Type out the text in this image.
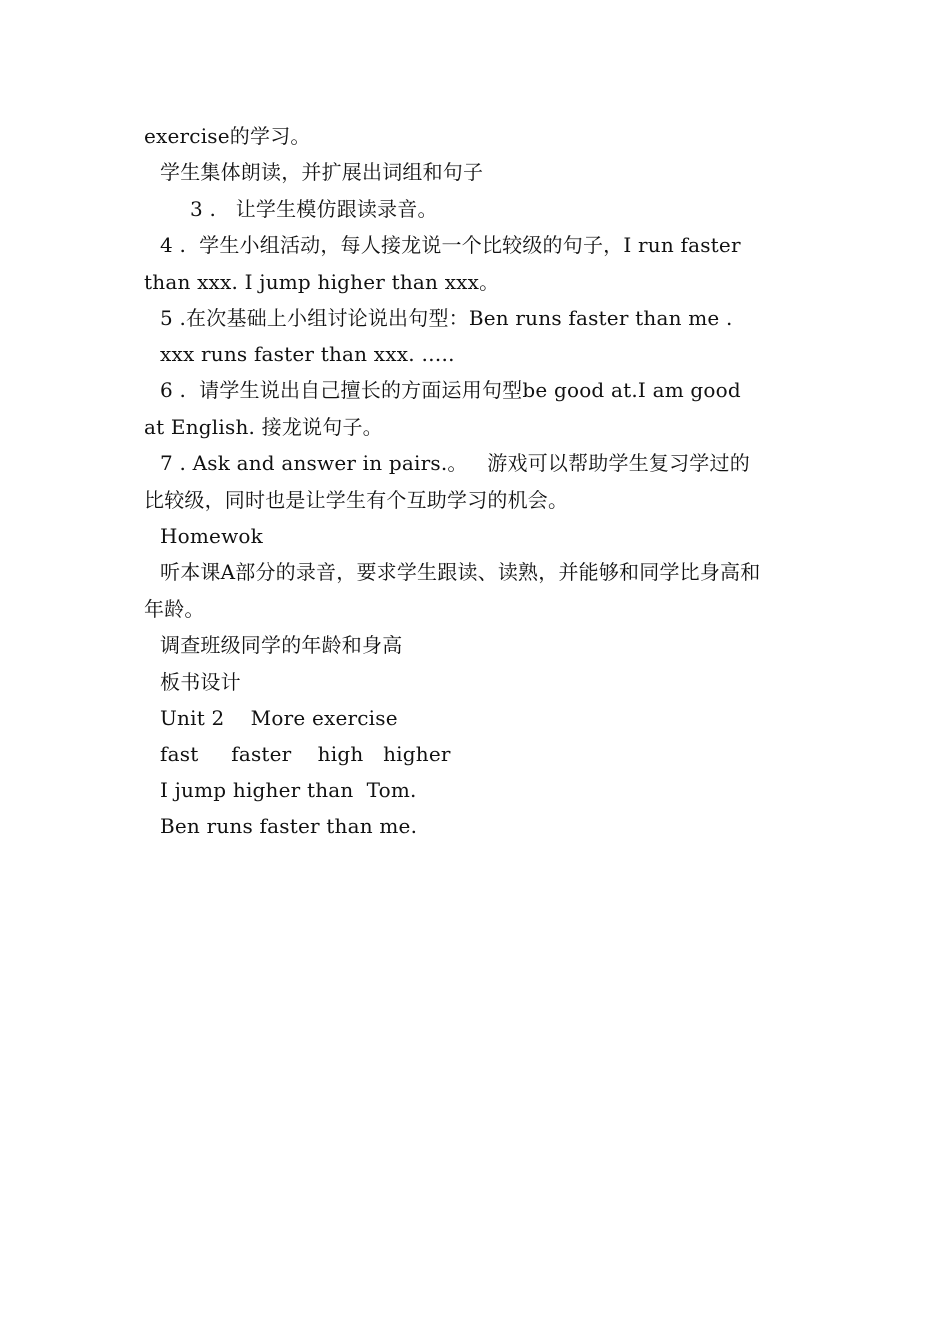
exercise的学习。
学生集体朗读，并扩展出词组和句子
3 .   让学生模仿跟读录音。
4 .  学生小组活动，每人接龙说一个比较级的句子，I run faster
than xxx. I jump higher than xxx。
5 .在次基础上小组讨论说出句型：Ben runs faster than me .
xxx runs faster than xxx. …..
6 .  请学生说出自己擅长的方面运用句型be good at.I am good
at English. 接龙说句子。
7 . Ask and answer in pairs.。   游戏可以帮助学生复习学过的
比较级，同时也是让学生有个互助学习的机会。
Homewok
听本课A部分的录音，要求学生跟读、读熟，并能够和同学比身高和
年龄。
调查班级同学的年龄和身高
板书设计
Unit 2    More exercise
fast     faster    high   higher
I jump higher than  Tom.
Ben runs faster than me.
